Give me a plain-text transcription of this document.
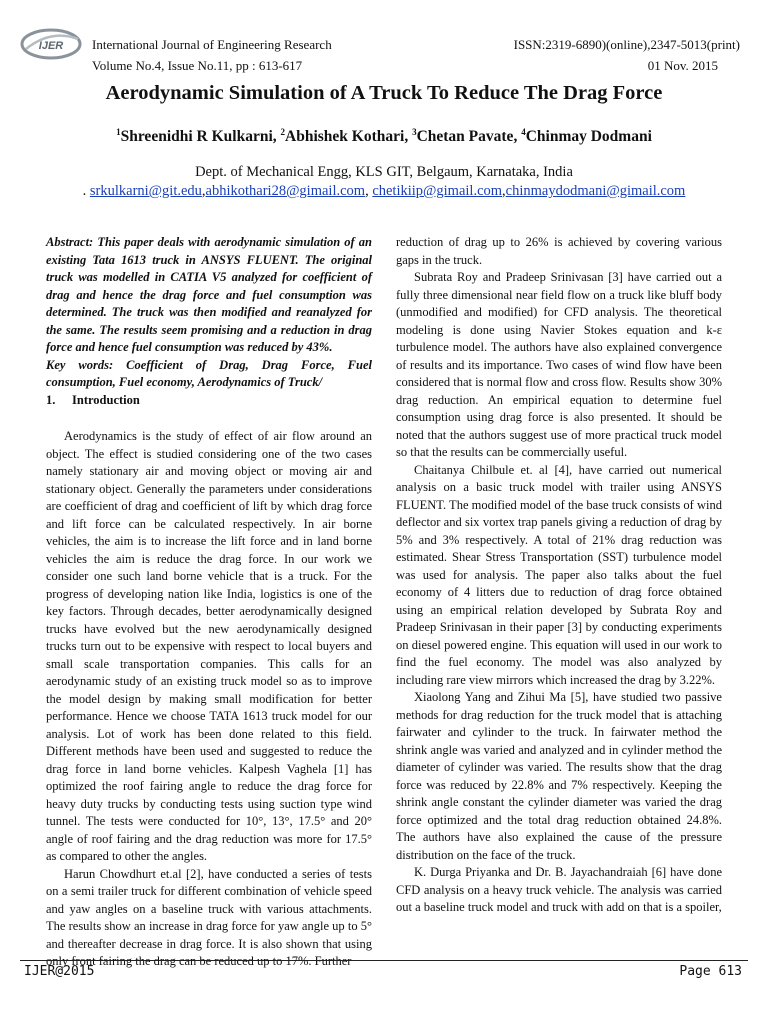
IJER International Journal of Engineering Research
Volume No.4, Issue No.11, pp : 613-617
ISSN:2319-6890)(online),2347-5013(print)
01 Nov. 2015
Aerodynamic Simulation of A Truck To Reduce The Drag Force
$^1$Shreenidhi R Kulkarni, $^2$Abhishek Kothari, $^3$Chetan Pavate, $^4$Chinmay Dodmani
Dept. of Mechanical Engg, KLS GIT, Belgaum, Karnataka, India
. srkulkarni@git.edu,abhikothari28@gimail.com, chetikiip@gimail.com,chinmaydodmani@gimail.com

Abstract: This paper deals with aerodynamic simulation of an existing Tata 1613 truck in ANSYS FLUENT. The original truck was modelled in CATIA V5 analyzed for coefficient of drag and hence the drag force and fuel consumption was determined. The truck was then modified and reanalyzed for the same. The results seem promising and a reduction in drag force and hence fuel consumption was reduced by 43%.

Key words: Coefficient of Drag, Drag Force, Fuel consumption, Fuel economy, Aerodynamics of Truck/

1. Introduction

Aerodynamics is the study of effect of air flow around an object. The effect is studied considering one of the two cases namely stationary air and moving object or moving air and stationary object. Generally the parameters under considerations are coefficient of drag and coefficient of lift by which drag force and lift force can be calculated respectively. In air borne vehicles, the aim is to increase the lift force and in land borne vehicles the aim is reduce the drag force. In our work we consider one such land borne vehicle that is a truck. For the progress of developing nation like India, logistics is one of the key factors. Through decades, better aerodynamically designed trucks have evolved but the new aerodynamically designed trucks turn out to be expensive with respect to local buyers and small scale transportation companies. This calls for an aerodynamic study of an existing truck model so as to improve the model design by making small modification for better performance. Hence we choose TATA 1613 truck model for our analysis. Lot of work has been done related to this field. Different methods have been used and suggested to reduce the drag force in land borne vehicles. Kalpesh Vaghela [1] has optimized the roof fairing angle to reduce the drag force for heavy duty trucks by conducting tests using suction type wind tunnel. The tests were conducted for 10°, 13°, 17.5° and 20° angle of roof fairing and the drag reduction was more for 17.5° as compared to other the angles.

Harun Chowdhurt et.al [2], have conducted a series of tests on a semi trailer truck for different combination of vehicle speed and yaw angles on a baseline truck with various attachments. The results show an increase in drag force for yaw angle up to 5° and thereafter decrease in drag force. It is also shown that using only front fairing the drag can be reduced up to 17%. Further

reduction of drag up to 26% is achieved by covering various gaps in the truck.

Subrata Roy and Pradeep Srinivasan [3] have carried out a fully three dimensional near field flow on a truck like bluff body (unmodified and modified) for CFD analysis. The theoretical modeling is done using Navier Stokes equation and k-ε turbulence model. The authors have also explained convergence of results and its importance. Two cases of wind flow have been considered that is normal flow and cross flow. Results show 30% drag reduction. An empirical equation to determine fuel consumption using drag force is also presented. It should be noted that the authors suggest use of more practical truck model so that the results can be commercially useful.

Chaitanya Chilbule et. al [4], have carried out numerical analysis on a basic truck model with trailer using ANSYS FLUENT. The modified model of the base truck consists of wind deflector and six vortex trap panels giving a reduction of drag by 5% and 3% respectively. A total of 21% drag reduction was estimated. Shear Stress Transportation (SST) turbulence model was used for analysis. The paper also talks about the fuel economy of 4 litters due to reduction of drag force obtained using an empirical relation developed by Subrata Roy and Pradeep Srinivasan in their paper [3] by conducting experiments on diesel powered engine. This equation will used in our work to find the fuel economy. The model was also analyzed by including rare view mirrors which increased the drag by 3.22%.

Xiaolong Yang and Zihui Ma [5], have studied two passive methods for drag reduction for the truck model that is attaching fairwater and cylinder to the truck. In fairwater method the shrink angle was varied and analyzed and in cylinder method the diameter of cylinder was varied. The results show that the drag force was reduced by 22.8% and 7% respectively. Keeping the shrink angle constant the cylinder diameter was varied the drag force optimized and the total drag reduction obtained 24.8%. The authors have also explained the cause of the pressure distribution on the face of the truck.

K. Durga Priyanka and Dr. B. Jayachandraiah [6] have done CFD analysis on a heavy truck vehicle. The analysis was carried out a baseline truck model and truck with add on that is a spoiler,

IJER@2015	Page 613
